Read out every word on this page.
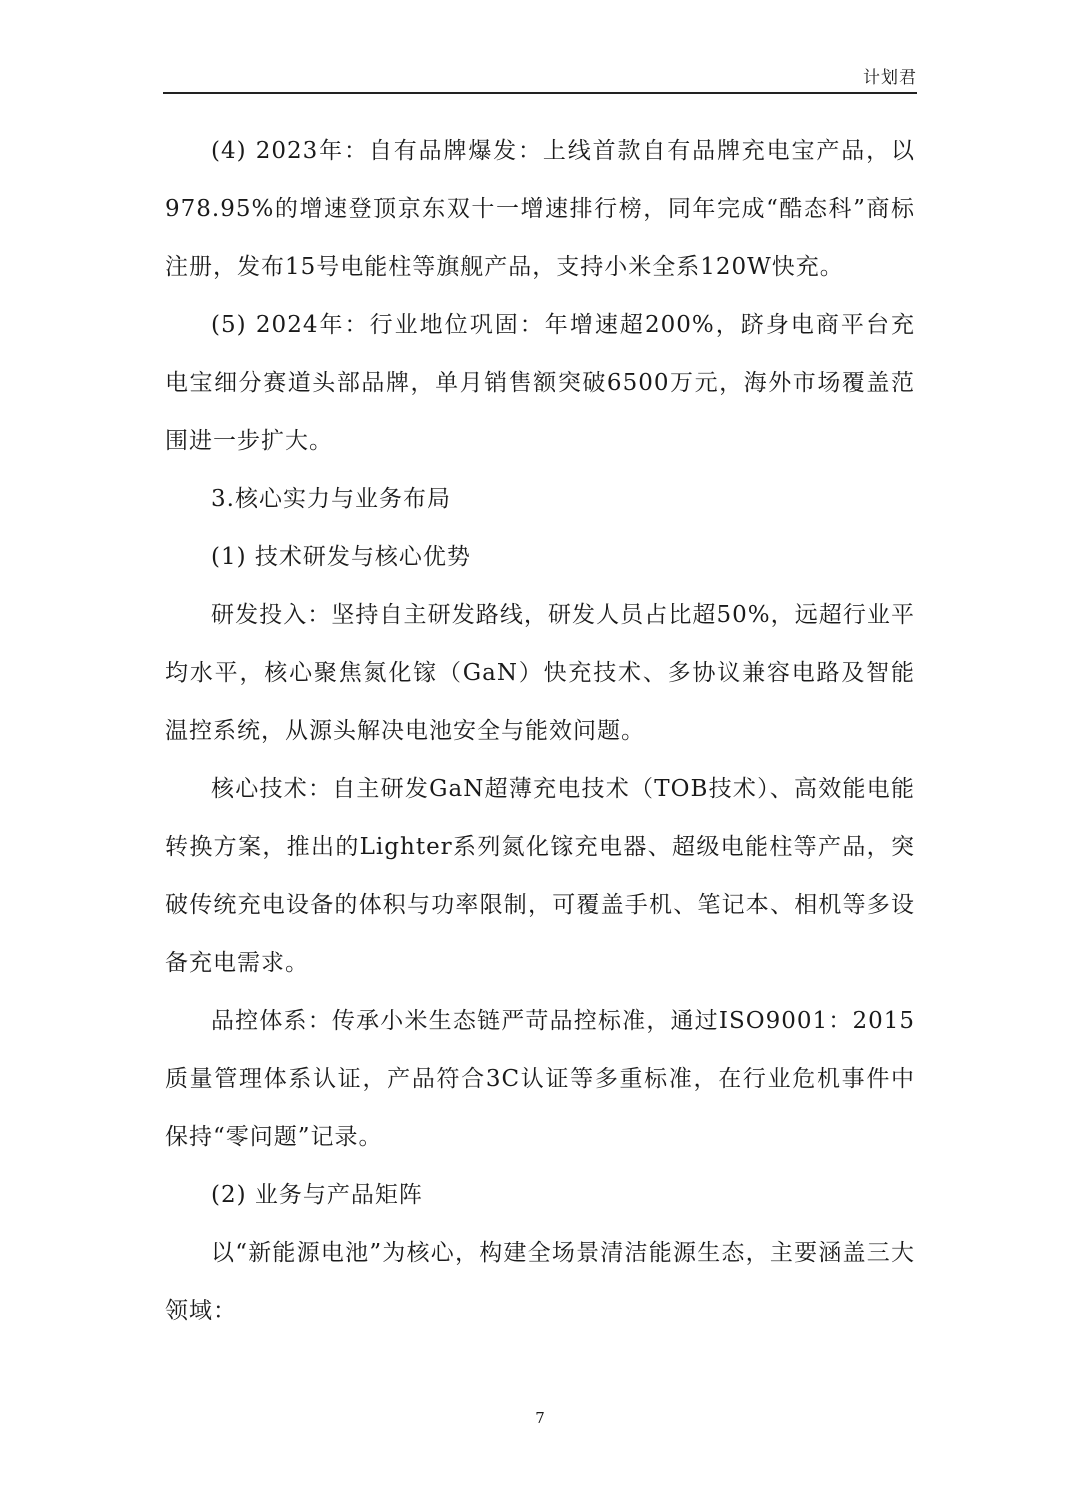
计划君

(4) 2023年：自有品牌爆发：上线首款自有品牌充电宝产品，以978.95%的增速登顶京东双十一增速排行榜，同年完成“酷态科”商标注册，发布15号电能柱等旗舰产品，支持小米全系120W快充。

(5) 2024年：行业地位巩固：年增速超200%，跻身电商平台充电宝细分赛道头部品牌，单月销售额突破6500万元，海外市场覆盖范围进一步扩大。

3.核心实力与业务布局

(1) 技术研发与核心优势

研发投入：坚持自主研发路线，研发人员占比超50%，远超行业平均水平，核心聚焦氮化镓（GaN）快充技术、多协议兼容电路及智能温控系统，从源头解决电池安全与能效问题。

核心技术：自主研发GaN超薄充电技术（TOB技术）、高效能电能转换方案，推出的Lighter系列氮化镓充电器、超级电能柱等产品，突破传统充电设备的体积与功率限制，可覆盖手机、笔记本、相机等多设备充电需求。

品控体系：传承小米生态链严苛品控标准，通过ISO9001：2015质量管理体系认证，产品符合3C认证等多重标准，在行业危机事件中保持“零问题”记录。

(2) 业务与产品矩阵

以“新能源电池”为核心，构建全场景清洁能源生态，主要涵盖三大领域：

7
